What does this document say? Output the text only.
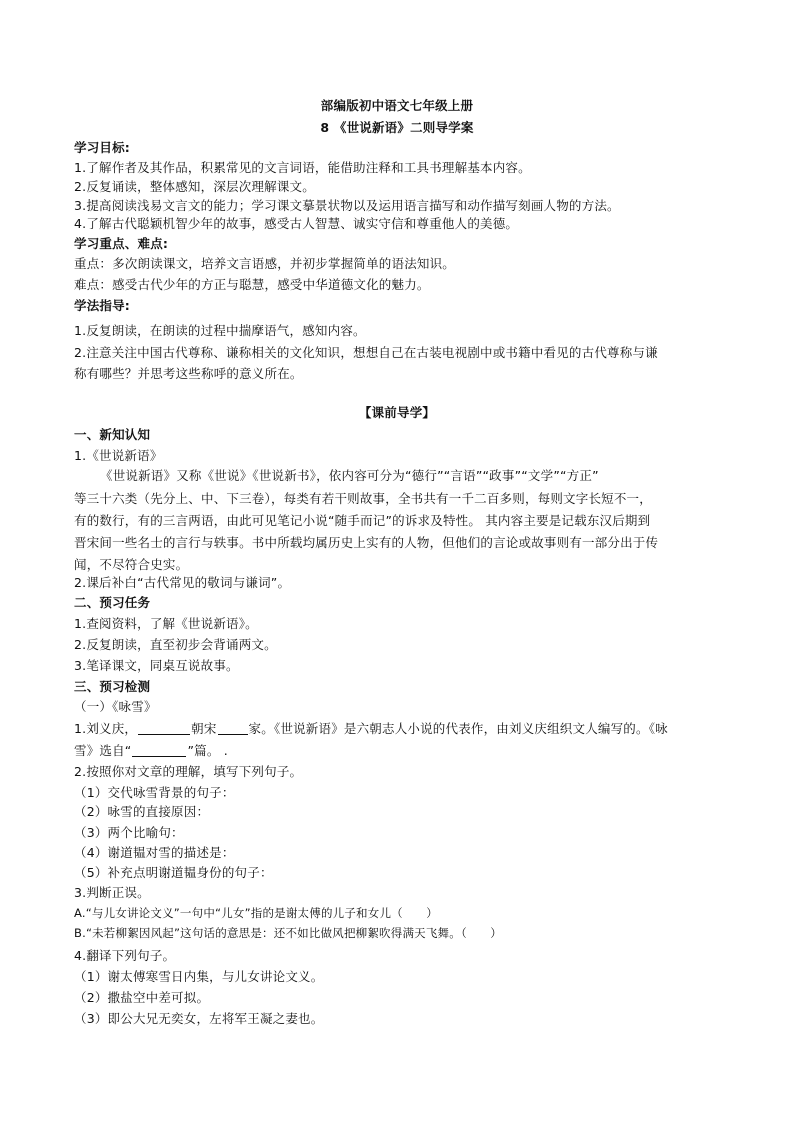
部编版初中语文七年级上册
8 《世说新语》二则导学案
学习目标:
1.了解作者及其作品，积累常见的文言词语，能借助注释和工具书理解基本内容。
2.反复诵读，整体感知，深层次理解课文。
3.提高阅读浅易文言文的能力；学习课文摹景状物以及运用语言描写和动作描写刻画人物的方法。
4.了解古代聪颖机智少年的故事，感受古人智慧、诚实守信和尊重他人的美德。
学习重点、难点:
重点：多次朗读课文，培养文言语感，并初步掌握简单的语法知识。
难点：感受古代少年的方正与聪慧，感受中华道德文化的魅力。
学法指导:
1.反复朗读，在朗读的过程中揣摩语气，感知内容。
2.注意关注中国古代尊称、谦称相关的文化知识，想想自己在古装电视剧中或书籍中看见的古代尊称与谦
称有哪些？并思考这些称呼的意义所在。
【课前导学】
一、新知认知
1.《世说新语》
《世说新语》又称《世说》《世说新书》，依内容可分为“德行”“言语”“政事”“文学”“方正”
等三十六类（先分上、中、下三卷），每类有若干则故事，全书共有一千二百多则，每则文字长短不一，
有的数行，有的三言两语，由此可见笔记小说“随手而记”的诉求及特性。 其内容主要是记载东汉后期到
晋宋间一些名士的言行与轶事。书中所载均属历史上实有的人物，但他们的言论或故事则有一部分出于传
闻，不尽符合史实。
2.课后补白“古代常见的敬词与谦词”。
二、预习任务
1.查阅资料，了解《世说新语》。
2.反复朗读，直至初步会背诵两文。
3.笔译课文，同桌互说故事。
三、预习检测
（一）《咏雪》
1.刘义庆，	朝宋	家。《世说新语》是六朝志人小说的代表作，由刘义庆组织文人编写的。《咏
雪》选自“	”篇。 .
2.按照你对文章的理解，填写下列句子。
（1）交代咏雪背景的句子：
（2）咏雪的直接原因：
（3）两个比喻句：
（4）谢道韫对雪的描述是：
（5）补充点明谢道韫身份的句子：
3.判断正误。
A.“与儿女讲论文义”一句中“儿女”指的是谢太傅的儿子和女儿（　　）
B.“未若柳絮因风起”这句话的意思是：还不如比做风把柳絮吹得满天飞舞。（　　）
4.翻译下列句子。
（1）谢太傅寒雪日内集，与儿女讲论文义。
（2）撒盐空中差可拟。
（3）即公大兄无奕女，左将军王凝之妻也。
